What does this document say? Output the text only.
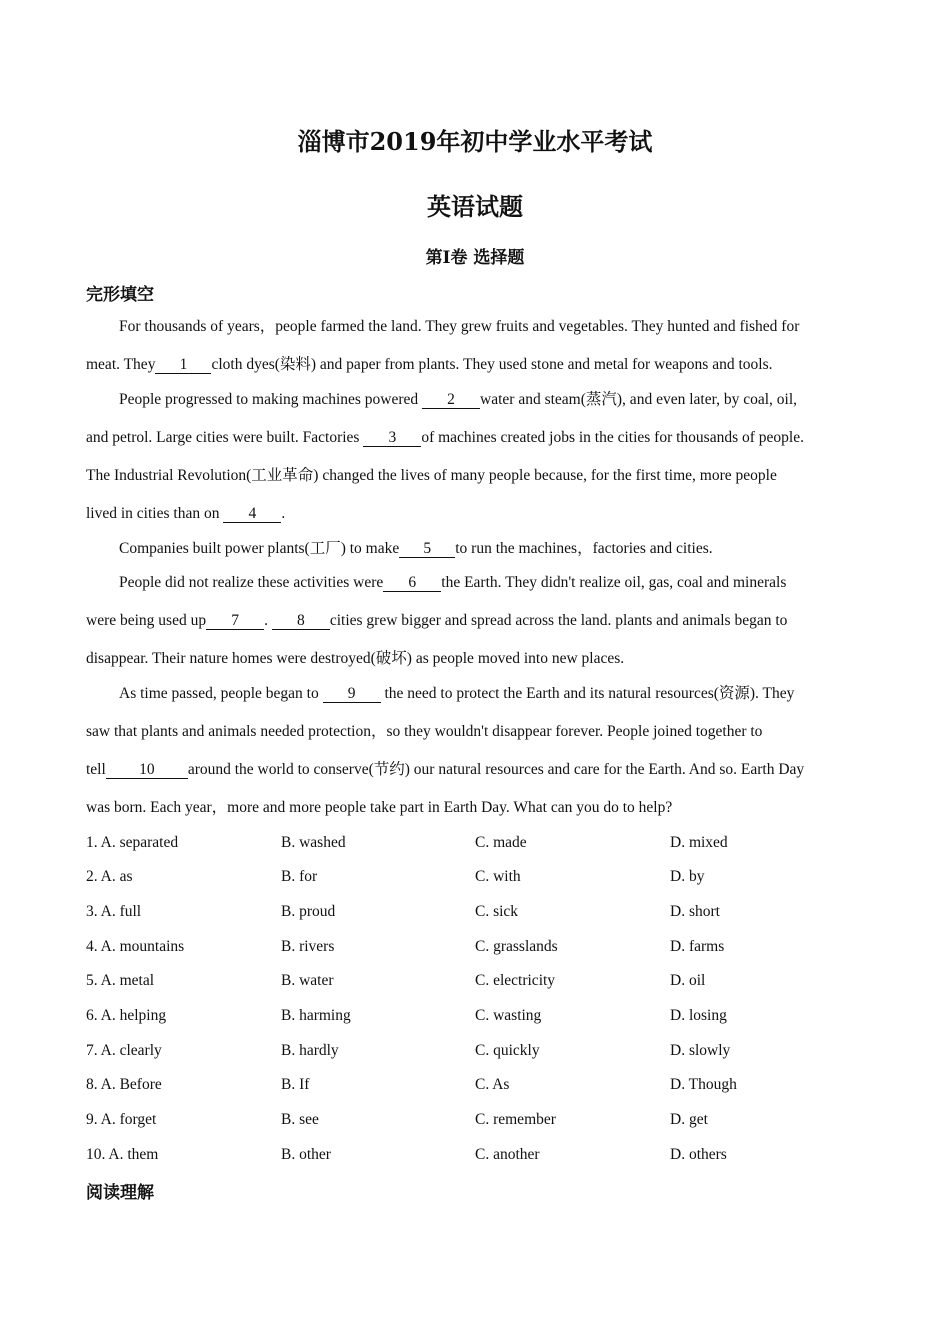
淄博市2019年初中学业水平考试
英语试题
第Ⅰ卷 选择题
完形填空
For thousands of years，people farmed the land. They grew fruits and vegetables. They hunted and fished for
meat. They 1 cloth dyes(染料) and paper from plants. They used stone and metal for weapons and tools.
People progressed to making machines powered 2 water and steam(蒸汽), and even later, by coal, oil,
and petrol. Large cities were built. Factories 3 of machines created jobs in the cities for thousands of people.
The Industrial Revolution(工业革命) changed the lives of many people because, for the first time, more people
lived in cities than on 4 .
Companies built power plants(工厂) to make 5 to run the machines，factories and cities.
People did not realize these activities were 6 the Earth. They didn't realize oil, gas, coal and minerals
were being used up 7 . 8 cities grew bigger and spread across the land. plants and animals began to
disappear. Their nature homes were destroyed(破坏) as people moved into new places.
As time passed, people began to 9 the need to protect the Earth and its natural resources(资源). They
saw that plants and animals needed protection，so they wouldn't disappear forever. People joined together to
tell 10 around the world to conserve(节约) our natural resources and care for the Earth. And so. Earth Day
was born. Each year，more and more people take part in Earth Day. What can you do to help?
1. A. separated	B. washed	C. made	D. mixed
2. A. as	B. for	C. with	D. by
3. A. full	B. proud	C. sick	D. short
4. A. mountains	B. rivers	C. grasslands	D. farms
5. A. metal	B. water	C. electricity	D. oil
6. A. helping	B. harming	C. wasting	D. losing
7. A. clearly	B. hardly	C. quickly	D. slowly
8. A. Before	B. If	C. As	D. Though
9. A. forget	B. see	C. remember	D. get
10. A. them	B. other	C. another	D. others
阅读理解
